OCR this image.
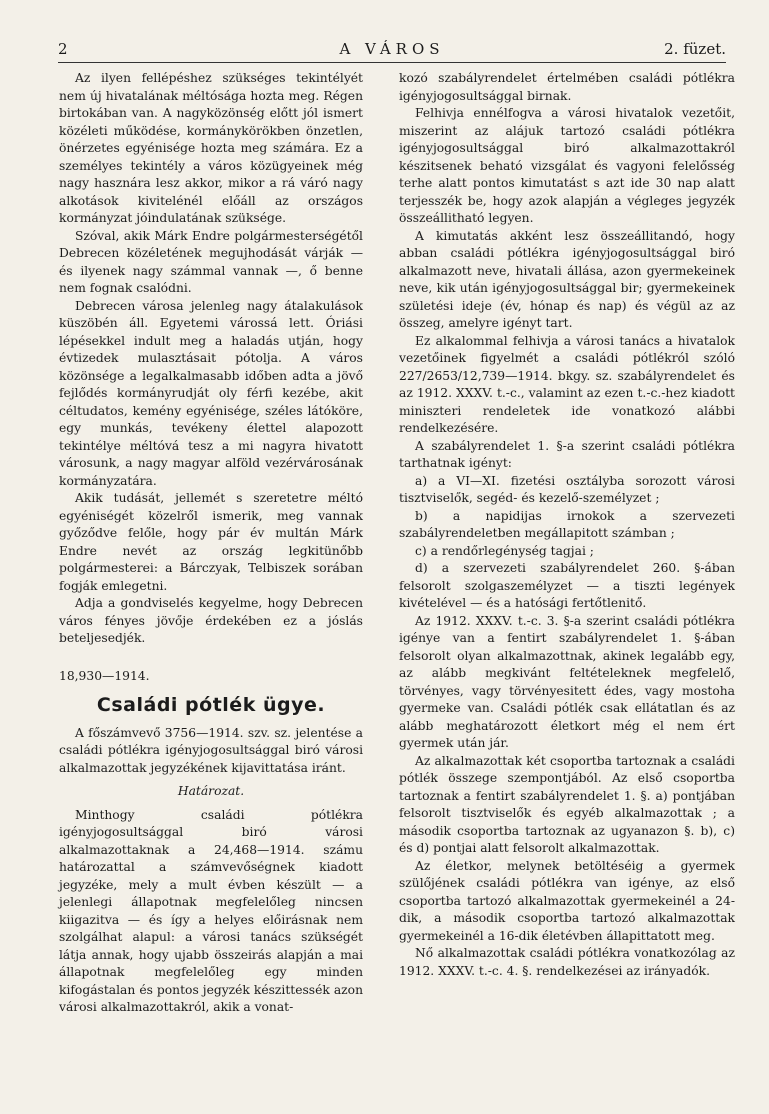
2	A VÁROS	2. füzet.

Az ilyen fellépéshez szükséges tekintélyét nem új hivatalának méltósága hozta meg. Régen birtokában van. A nagyközönség előtt jól ismert közéleti működése, kormánykörökben önzetlen, önérzetes egyénisége hozta meg számára. Ez a személyes tekintély a város közügyeinek még nagy hasznára lesz akkor, mikor a rá váró nagy alkotások kivitelénél előáll az országos kormányzat jóindulatának szüksége.

Szóval, akik Márk Endre polgármesterségétől Debrecen közéletének megujhodását várják — és ilyenek nagy számmal vannak —, ő benne nem fognak csalódni.

Debrecen városa jelenleg nagy átalakulások küszöbén áll. Egyetemi várossá lett. Óriási lépésekkel indult meg a haladás utján, hogy évtizedek mulasztásait pótolja. A város közönsége a legalkalmasabb időben adta a jövő fejlődés kormányrudját oly férfi kezébe, akit céltudatos, kemény egyénisége, széles látóköre, egy munkás, tevékeny élettel alapozott tekintélye méltóvá tesz a mi nagyra hivatott városunk, a nagy magyar alföld vezérvárosának kormányzatára.

Akik tudását, jellemét s szeretetre méltó egyéniségét közelről ismerik, meg vannak győződve felőle, hogy pár év multán Márk Endre nevét az ország legkitünőbb polgármesterei: a Bárczyak, Telbiszek sorában fogják emlegetni.

Adja a gondviselés kegyelme, hogy Debrecen város fényes jövője érdekében ez a jóslás beteljesedjék.

18,930—1914.

Családi pótlék ügye.

A főszámvevő 3756—1914. szv. sz. jelentése a családi pótlékra igényjogosultsággal biró városi alkalmazottak jegyzékének kijavittatása iránt.

Határozat.

Minthogy családi pótlékra igényjogosultsággal biró városi alkalmazottaknak a 24,468—1914. számu határozattal a számvevőségnek kiadott jegyzéke, mely a mult évben készült — a jelenlegi állapotnak megfelelőleg nincsen kiigazitva — és így a helyes előirásnak nem szolgálhat alapul: a városi tanács szükségét látja annak, hogy ujabb összeirás alapján a mai állapotnak megfelelőleg egy minden kifogástalan és pontos jegyzék készittessék azon városi alkalmazottakról, akik a vonat-

kozó szabályrendelet értelmében családi pótlékra igényjogosultsággal birnak.

Felhivja ennélfogva a városi hivatalok vezetőit, miszerint az alájuk tartozó családi pótlékra igényjogosultsággal biró alkalmazottakról készitsenek beható vizsgálat és vagyoni felelősség terhe alatt pontos kimutatást s azt ide 30 nap alatt terjesszék be, hogy azok alapján a végleges jegyzék összeállitható legyen.

A kimutatás akként lesz összeállitandó, hogy abban családi pótlékra igényjogosultsággal biró alkalmazott neve, hivatali állása, azon gyermekeinek neve, kik után igényjogosultsággal bir; gyermekeinek születési ideje (év, hónap és nap) és végül az az összeg, amelyre igényt tart.

Ez alkalommal felhivja a városi tanács a hivatalok vezetőinek figyelmét a családi pótlékról szóló 227/2653/12,739—1914. bkgy. sz. szabályrendelet és az 1912. XXXV. t.-c., valamint az ezen t.-c.-hez kiadott miniszteri rendeletek ide vonatkozó alábbi rendelkezésére.

A szabályrendelet 1. §-a szerint családi pótlékra tarthatnak igényt:

a) a VI—XI. fizetési osztályba sorozott városi tisztviselők, segéd- és kezelő-személyzet ;

b) a napidijas irnokok a szervezeti szabályrendeletben megállapitott számban ;

c) a rendőrlegénység tagjai ;

d) a szervezeti szabályrendelet 260. §-ában felsorolt szolgaszemélyzet — a tiszti legények kivételével — és a hatósági fertőtlenitő.

Az 1912. XXXV. t.-c. 3. §-a szerint családi pótlékra igénye van a fentirt szabályrendelet 1. §-ában felsorolt olyan alkalmazottnak, akinek legalább egy, az alább megkivánt feltételeknek megfelelő, törvényes, vagy törvényesitett édes, vagy mostoha gyermeke van. Családi pótlék csak ellátatlan és az alább meghatározott életkort még el nem ért gyermek után jár.

Az alkalmazottak két csoportba tartoznak a családi pótlék összege szempontjából. Az első csoportba tartoznak a fentirt szabályrendelet 1. §. a) pontjában felsorolt tisztviselők és egyéb alkalmazottak ; a második csoportba tartoznak az ugyanazon §. b), c) és d) pontjai alatt felsorolt alkalmazottak.

Az életkor, melynek betöltéséig a gyermek szülőjének családi pótlékra van igénye, az első csoportba tartozó alkalmazottak gyermekeinél a 24-dik, a második csoportba tartozó alkalmazottak gyermekeinél a 16-dik életévben állapittatott meg.

Nő alkalmazottak családi pótlékra vonatkozólag az 1912. XXXV. t.-c. 4. §. rendelkezései az irányadók.
